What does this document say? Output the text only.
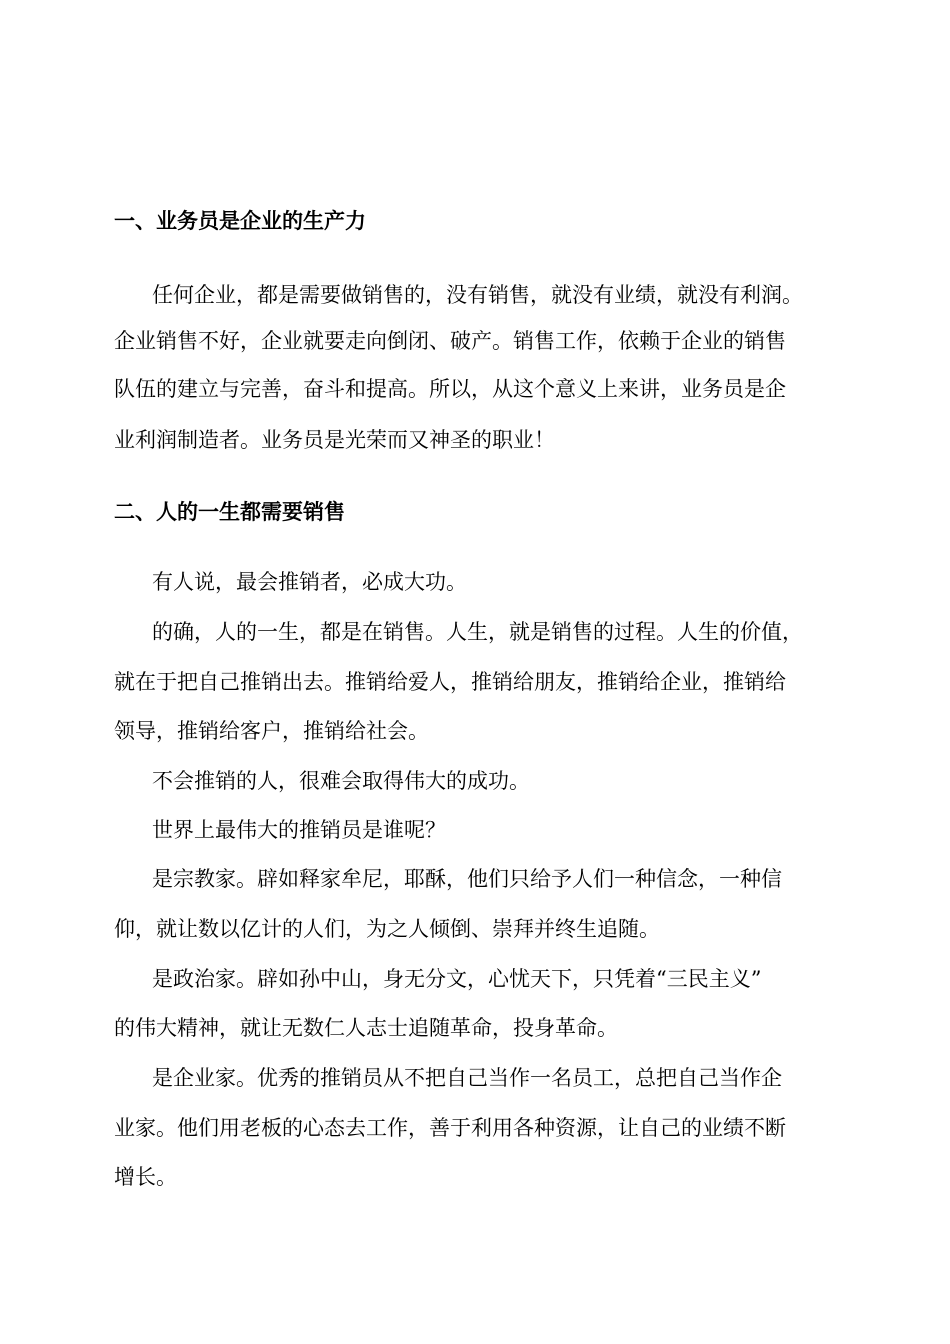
一、业务员是企业的生产力
任何企业，都是需要做销售的，没有销售，就没有业绩，就没有利润。
企业销售不好，企业就要走向倒闭、破产。销售工作，依赖于企业的销售
队伍的建立与完善，奋斗和提高。所以，从这个意义上来讲，业务员是企
业利润制造者。业务员是光荣而又神圣的职业！
二、人的一生都需要销售
有人说，最会推销者，必成大功。
的确，人的一生，都是在销售。人生，就是销售的过程。人生的价值，
就在于把自己推销出去。推销给爱人，推销给朋友，推销给企业，推销给
领导，推销给客户，推销给社会。
不会推销的人，很难会取得伟大的成功。
世界上最伟大的推销员是谁呢？
是宗教家。辟如释家牟尼，耶酥，他们只给予人们一种信念，一种信
仰，就让数以亿计的人们，为之人倾倒、崇拜并终生追随。
是政治家。辟如孙中山，身无分文，心忧天下，只凭着“三民主义”
的伟大精神，就让无数仁人志士追随革命，投身革命。
是企业家。优秀的推销员从不把自己当作一名员工，总把自己当作企
业家。他们用老板的心态去工作，善于利用各种资源，让自己的业绩不断
增长。
